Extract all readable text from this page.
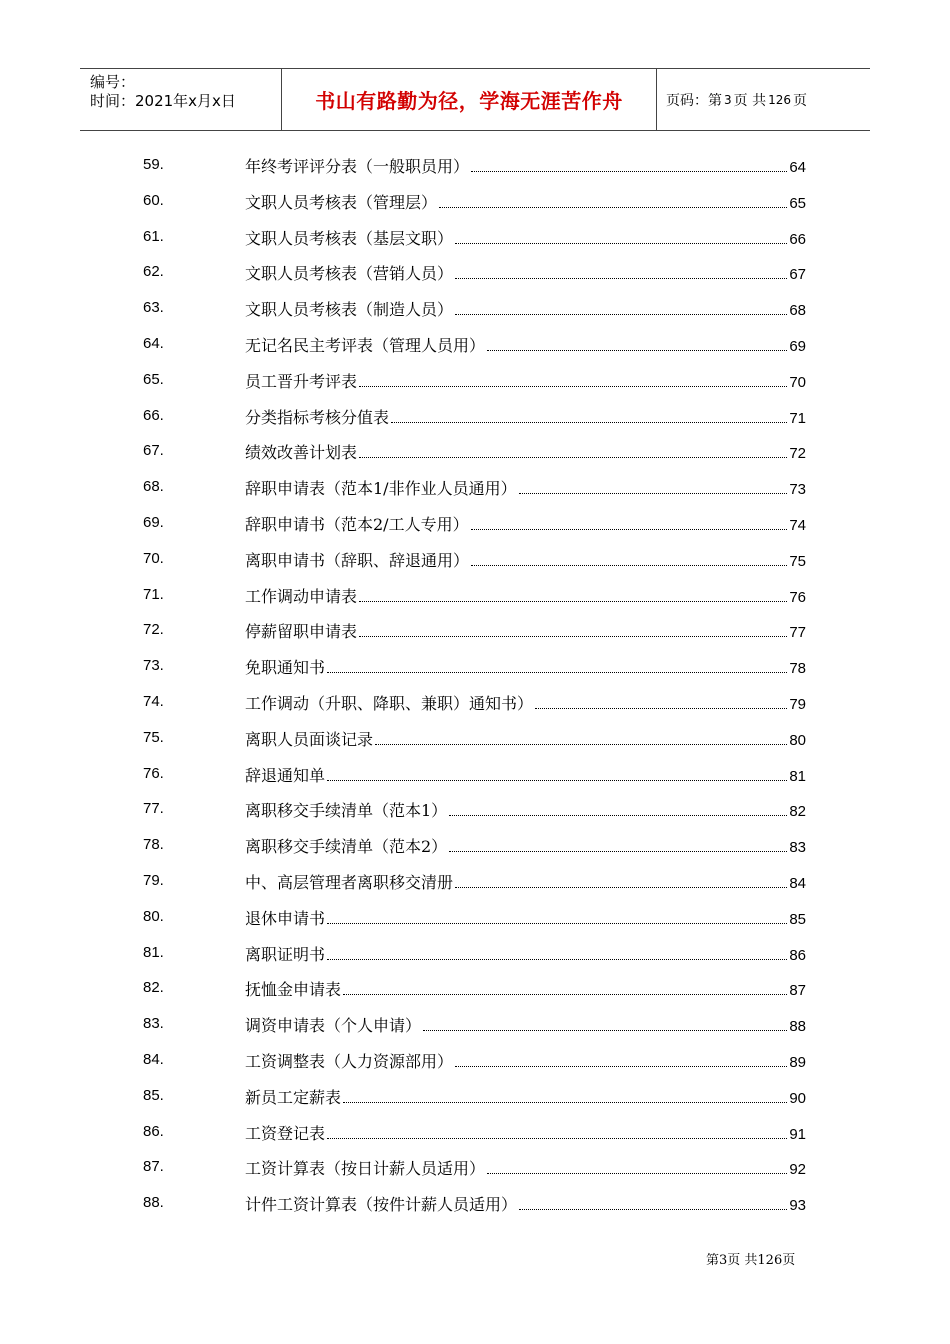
编号：
时间：2021年x月x日	书山有路勤为径，学海无涯苦作舟	页码：第 3 页 共 126 页
59.	年终考评评分表（一般职员用）	64
60.	文职人员考核表（管理层）	65
61.	文职人员考核表（基层文职）	66
62.	文职人员考核表（营销人员）	67
63.	文职人员考核表（制造人员）	68
64.	无记名民主考评表（管理人员用）	69
65.	员工晋升考评表	70
66.	分类指标考核分值表	71
67.	绩效改善计划表	72
68.	辞职申请表（范本1/非作业人员通用）	73
69.	辞职申请书（范本2/工人专用）	74
70.	离职申请书（辞职、辞退通用）	75
71.	工作调动申请表	76
72.	停薪留职申请表	77
73.	免职通知书	78
74.	工作调动（升职、降职、兼职）通知书）	79
75.	离职人员面谈记录	80
76.	辞退通知单	81
77.	离职移交手续清单（范本1）	82
78.	离职移交手续清单（范本2）	83
79.	中、高层管理者离职移交清册	84
80.	退休申请书	85
81.	离职证明书	86
82.	抚恤金申请表	87
83.	调资申请表（个人申请）	88
84.	工资调整表（人力资源部用）	89
85.	新员工定薪表	90
86.	工资登记表	91
87.	工资计算表（按日计薪人员适用）	92
88.	计件工资计算表（按件计薪人员适用）	93
第3页 共126页
